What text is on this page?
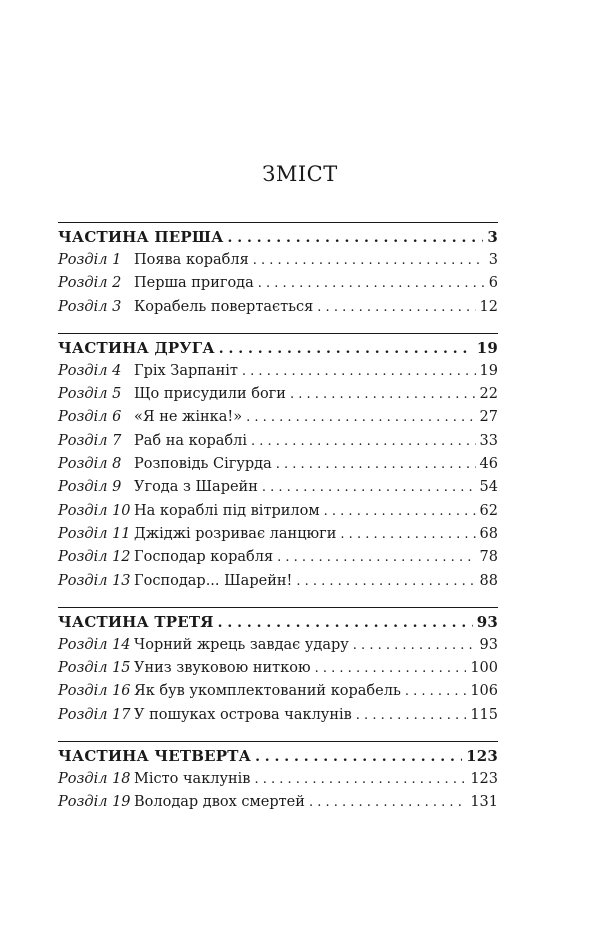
ЗМІСТ
ЧАСТИНА ПЕРША . . .	3
Розділ 1 Поява корабля . . .	3
Розділ 2 Перша пригода . . .	6
Розділ 3 Корабель повертається . . .	12
ЧАСТИНА ДРУГА . . .	19
Розділ 4 Гріх Зарпаніт . . .	19
Розділ 5 Що присудили боги . . .	22
Розділ 6 «Я не жінка!» . . .	27
Розділ 7 Раб на кораблі . . .	33
Розділ 8 Розповідь Сігурда . . .	46
Розділ 9 Угода з Шарейн . . .	54
Розділ 10 На кораблі під вітрилом . . .	62
Розділ 11 Джіджі розриває ланцюги . . .	68
Розділ 12 Господар корабля . . .	78
Розділ 13 Господар... Шарейн! . . .	88
ЧАСТИНА ТРЕТЯ . . .	93
Розділ 14 Чорний жрець завдає удару . . .	93
Розділ 15 Униз звуковою ниткою . . .	100
Розділ 16 Як був укомплектований корабель . . .	106
Розділ 17 У пошуках острова чаклунів . . .	115
ЧАСТИНА ЧЕТВЕРТА . . .	123
Розділ 18 Місто чаклунів . . .	123
Розділ 19 Володар двох смертей . . .	131
